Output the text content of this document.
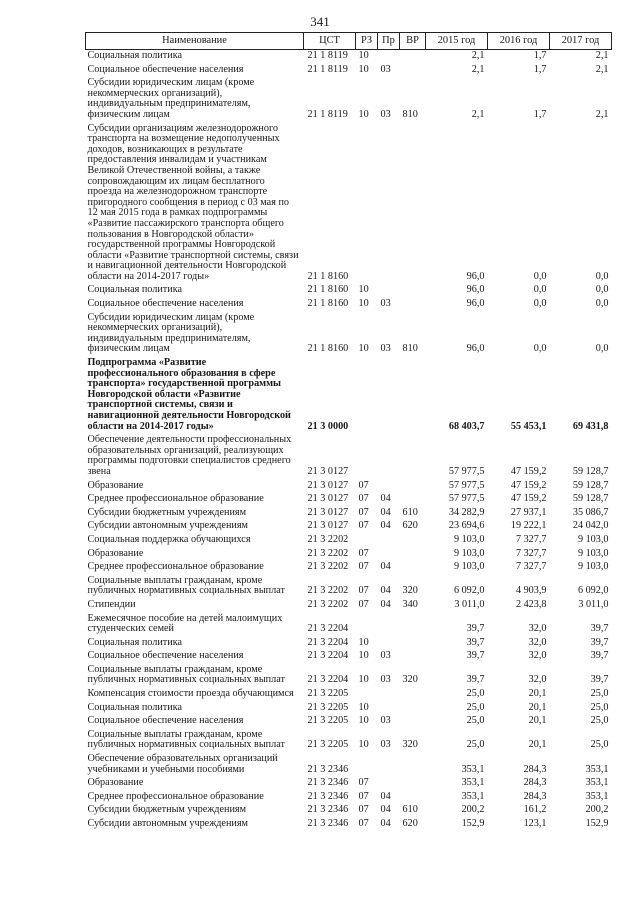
341
Наименование	ЦСТ	РЗ	Пр	ВР	2015 год	2016 год	2017 год
Социальная политика	21 1 8119	10			2,1	1,7	2,1
Социальное обеспечение населения	21 1 8119	10	03		2,1	1,7	2,1
Субсидии юридическим лицам (кроме некоммерческих организаций), индивидуальным предпринимателям, физическим лицам	21 1 8119	10	03	810	2,1	1,7	2,1
Субсидии организациям железнодорожного транспорта на возмещение недополученных доходов, возникающих в результате предоставления инвалидам и участникам Великой Отечественной войны, а также сопровождающим их лицам бесплатного проезда на железнодорожном транспорте пригородного сообщения в период с 03 мая по 12 мая 2015 года в рамках подпрограммы «Развитие пассажирского транспорта общего пользования в Новгородской области» государственной программы Новгородской области «Развитие транспортной системы, связи и навигационной деятельности Новгородской области на 2014-2017 годы»	21 1 8160				96,0	0,0	0,0
Социальная политика	21 1 8160	10			96,0	0,0	0,0
Социальное обеспечение населения	21 1 8160	10	03		96,0	0,0	0,0
Субсидии юридическим лицам (кроме некоммерческих организаций), индивидуальным предпринимателям, физическим лицам	21 1 8160	10	03	810	96,0	0,0	0,0
Подпрограмма «Развитие профессионального образования в сфере транспорта» государственной программы Новгородской области «Развитие транспортной системы, связи и навигационной деятельности Новгородской области на 2014-2017 годы»	21 3 0000				68 403,7	55 453,1	69 431,8
Обеспечение деятельности профессиональных образовательных организаций, реализующих программы подготовки специалистов среднего звена	21 3 0127				57 977,5	47 159,2	59 128,7
Образование	21 3 0127	07			57 977,5	47 159,2	59 128,7
Среднее профессиональное образование	21 3 0127	07	04		57 977,5	47 159,2	59 128,7
Субсидии бюджетным учреждениям	21 3 0127	07	04	610	34 282,9	27 937,1	35 086,7
Субсидии автономным учреждениям	21 3 0127	07	04	620	23 694,6	19 222,1	24 042,0
Социальная поддержка обучающихся	21 3 2202				9 103,0	7 327,7	9 103,0
Образование	21 3 2202	07			9 103,0	7 327,7	9 103,0
Среднее профессиональное образование	21 3 2202	07	04		9 103,0	7 327,7	9 103,0
Социальные выплаты гражданам, кроме публичных нормативных социальных выплат	21 3 2202	07	04	320	6 092,0	4 903,9	6 092,0
Стипендии	21 3 2202	07	04	340	3 011,0	2 423,8	3 011,0
Ежемесячное пособие на детей малоимущих студенческих семей	21 3 2204				39,7	32,0	39,7
Социальная политика	21 3 2204	10			39,7	32,0	39,7
Социальное обеспечение населения	21 3 2204	10	03		39,7	32,0	39,7
Социальные выплаты гражданам, кроме публичных нормативных социальных выплат	21 3 2204	10	03	320	39,7	32,0	39,7
Компенсация стоимости проезда обучающимся	21 3 2205				25,0	20,1	25,0
Социальная политика	21 3 2205	10			25,0	20,1	25,0
Социальное обеспечение населения	21 3 2205	10	03		25,0	20,1	25,0
Социальные выплаты гражданам, кроме публичных нормативных социальных выплат	21 3 2205	10	03	320	25,0	20,1	25,0
Обеспечение образовательных организаций учебниками и учебными пособиями	21 3 2346				353,1	284,3	353,1
Образование	21 3 2346	07			353,1	284,3	353,1
Среднее профессиональное образование	21 3 2346	07	04		353,1	284,3	353,1
Субсидии бюджетным учреждениям	21 3 2346	07	04	610	200,2	161,2	200,2
Субсидии автономным учреждениям	21 3 2346	07	04	620	152,9	123,1	152,9
